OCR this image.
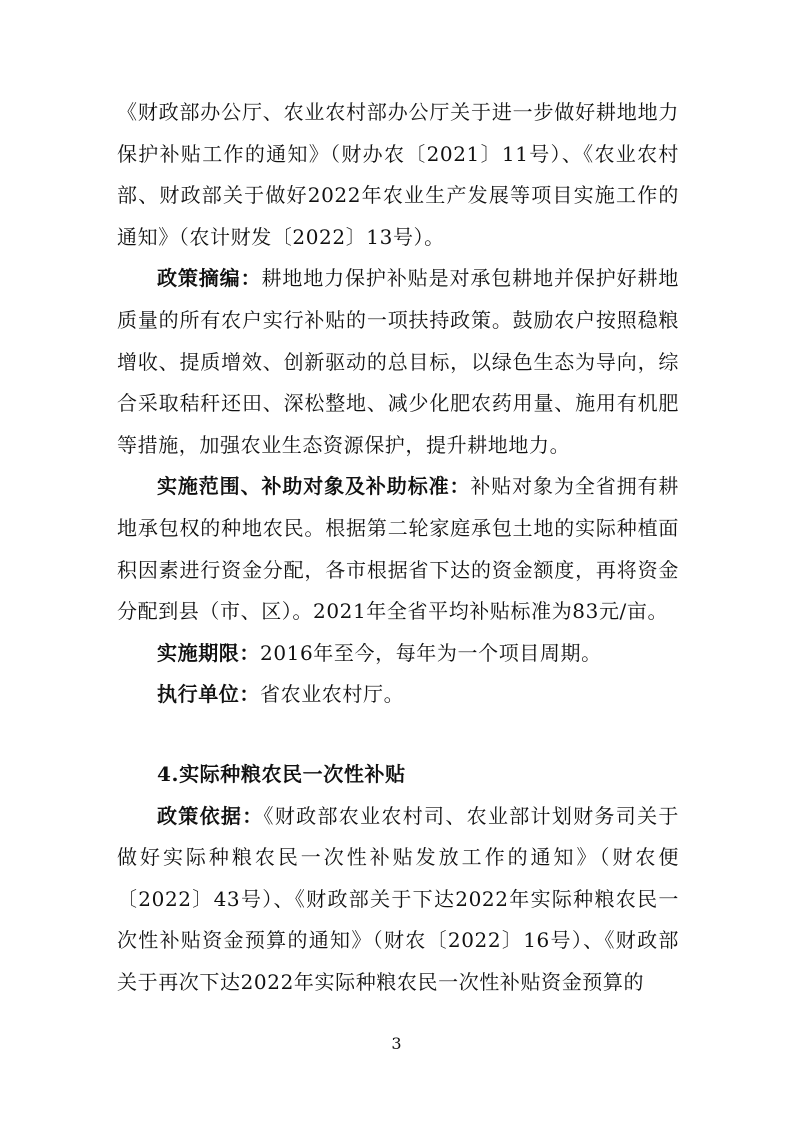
《财政部办公厅、农业农村部办公厅关于进一步做好耕地地力保护补贴工作的通知》（财办农〔2021〕11号）、《农业农村部、财政部关于做好2022年农业生产发展等项目实施工作的通知》（农计财发〔2022〕13号）。

政策摘编：耕地地力保护补贴是对承包耕地并保护好耕地质量的所有农户实行补贴的一项扶持政策。鼓励农户按照稳粮增收、提质增效、创新驱动的总目标，以绿色生态为导向，综合采取秸秆还田、深松整地、减少化肥农药用量、施用有机肥等措施，加强农业生态资源保护，提升耕地地力。

实施范围、补助对象及补助标准：补贴对象为全省拥有耕地承包权的种地农民。根据第二轮家庭承包土地的实际种植面积因素进行资金分配，各市根据省下达的资金额度，再将资金分配到县（市、区）。2021年全省平均补贴标准为83元/亩。

实施期限：2016年至今，每年为一个项目周期。

执行单位：省农业农村厅。

4.实际种粮农民一次性补贴

政策依据：《财政部农业农村司、农业部计划财务司关于做好实际种粮农民一次性补贴发放工作的通知》（财农便〔2022〕43号）、《财政部关于下达2022年实际种粮农民一次性补贴资金预算的通知》（财农〔2022〕16号）、《财政部关于再次下达2022年实际种粮农民一次性补贴资金预算的

3
